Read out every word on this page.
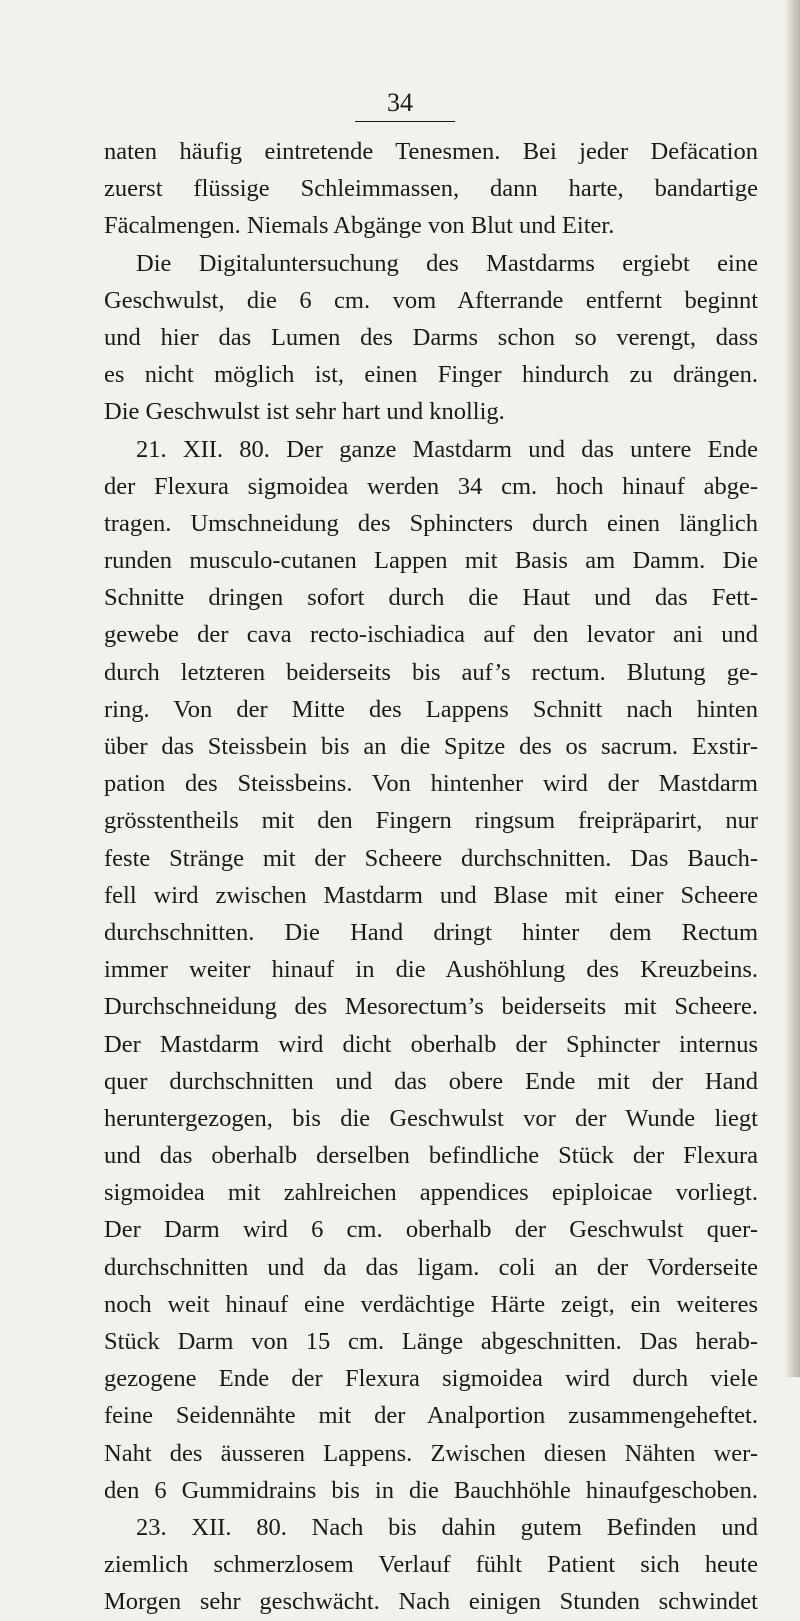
34
naten häufig eintretende Tenesmen. Bei jeder Defäcation
zuerst flüssige Schleimmassen, dann harte, bandartige
Fäcalmengen. Niemals Abgänge von Blut und Eiter.
Die Digitaluntersuchung des Mastdarms ergiebt eine
Geschwulst, die 6 cm. vom Afterrande entfernt beginnt
und hier das Lumen des Darms schon so verengt, dass
es nicht möglich ist, einen Finger hindurch zu drängen.
Die Geschwulst ist sehr hart und knollig.
21. XII. 80. Der ganze Mastdarm und das untere Ende
der Flexura sigmoidea werden 34 cm. hoch hinauf abge-
tragen. Umschneidung des Sphincters durch einen länglich
runden musculo-cutanen Lappen mit Basis am Damm. Die
Schnitte dringen sofort durch die Haut und das Fett-
gewebe der cava recto-ischiadica auf den levator ani und
durch letzteren beiderseits bis auf’s rectum. Blutung ge-
ring. Von der Mitte des Lappens Schnitt nach hinten
über das Steissbein bis an die Spitze des os sacrum. Exstir-
pation des Steissbeins. Von hintenher wird der Mastdarm
grösstentheils mit den Fingern ringsum freipräparirt, nur
feste Stränge mit der Scheere durchschnitten. Das Bauch-
fell wird zwischen Mastdarm und Blase mit einer Scheere
durchschnitten. Die Hand dringt hinter dem Rectum
immer weiter hinauf in die Aushöhlung des Kreuzbeins.
Durchschneidung des Mesorectum’s beiderseits mit Scheere.
Der Mastdarm wird dicht oberhalb der Sphincter internus
quer durchschnitten und das obere Ende mit der Hand
heruntergezogen, bis die Geschwulst vor der Wunde liegt
und das oberhalb derselben befindliche Stück der Flexura
sigmoidea mit zahlreichen appendices epiploicae vorliegt.
Der Darm wird 6 cm. oberhalb der Geschwulst quer-
durchschnitten und da das ligam. coli an der Vorderseite
noch weit hinauf eine verdächtige Härte zeigt, ein weiteres
Stück Darm von 15 cm. Länge abgeschnitten. Das herab-
gezogene Ende der Flexura sigmoidea wird durch viele
feine Seidennähte mit der Analportion zusammengeheftet.
Naht des äusseren Lappens. Zwischen diesen Nähten wer-
den 6 Gummidrains bis in die Bauchhöhle hinaufgeschoben.
23. XII. 80. Nach bis dahin gutem Befinden und
ziemlich schmerzlosem Verlauf fühlt Patient sich heute
Morgen sehr geschwächt. Nach einigen Stunden schwindet
